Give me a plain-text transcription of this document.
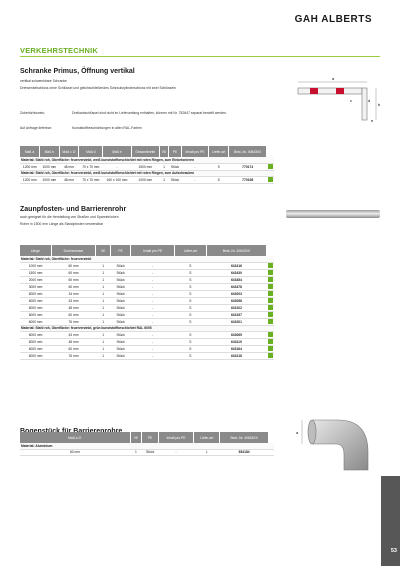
GAH ALBERTS
VERKEHRSTECHNIK
Schranke Primus, Öffnung vertikal
vertikal schwenkbare Schranke
Drehsenkelschloss ohne Schlüssel und gleichschließendes Schraubzylinderschloss mit zwei Schlüsseln
Zubehörhinweis:	Dreikantschlüssel sind nicht im Lieferumfang enthalten, können mit Nr. 782647 separat bestellt werden.
Auf Anfrage lieferbar:	Kunststoffbeschichtungen in allen RAL-Farben
a
b
c	d
e
Maß a	Maß b	Maß c ∅	Maß d	Maß e	Gesamtbreite	VE	PE	Inhalt pro PE	Liefer-art	Best.-Nr. 40643XX	
Material: Stahl roh, Oberfläche: feuerverzinkt, weiß kunststoffbeschichtet mit roten Ringen, zum Einbetonieren											
1200 mm	1000 mm	48 mm	70 x 70 mm	-	1500 mm	1	Stück	-	S	770174	
Material: Stahl roh, Oberfläche: feuerverzinkt, weiß kunststoffbeschichtet mit roten Ringen, zum Aufschrauben											
1200 mm	1000 mm	48 mm	70 x 70 mm	160 x 100 mm	1000 mm	1	Stück	-	S	770198	
Zaunpfosten- und Barrierenrohr
auch geeignet für die Herstellung von Straßen und Spannbrücken
Rohre in 1500 mm Länge als Standpfosten verwendbar
Länge	Durchmesser	VE	PE	Inhalt pro PE	Liefer-art	Best.-Nr. 40643XX	
Material: Stahl roh, Oberfläche: feuerverzinkt							
1000 mm	60 mm	1	Stück	-	S	643416	
1500 mm	60 mm	1	Stück	-	S	643430	
2000 mm	60 mm	1	Stück	-	S	643454	
3000 mm	60 mm	1	Stück	-	S	643478	
6000 mm	34 mm	1	Stück	-	S	643003	
6000 mm	43 mm	1	Stück	-	S	643058	
6000 mm	48 mm	1	Stück	-	S	643102	
6000 mm	60 mm	1	Stück	-	S	643157	
6000 mm	76 mm	1	Stück	-	S	643201	
Material: Stahl roh, Oberfläche: feuerverzinkt, grün kunststoffbeschichtet RAL 6005							
6000 mm	43 mm	1	Stück	-	S	643065	
6000 mm	48 mm	1	Stück	-	S	643119	
6000 mm	60 mm	1	Stück	-	S	643164	
6000 mm	76 mm	1	Stück	-	S	643218	
a
Maß a ∅	VE	PE	Inhalt pro PE	Liefer-art	Best.-Nr. 40643XX	
Material: Aluminium						
60 mm	1	Stück	-	L	654184	
53
